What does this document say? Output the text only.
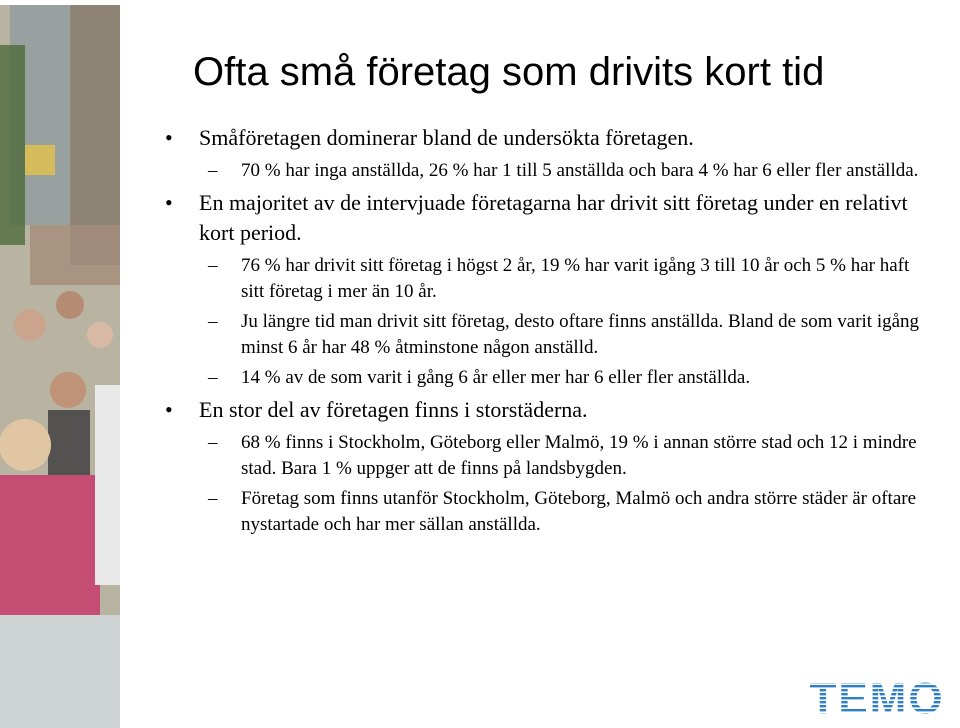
Ofta små företag som drivits kort tid
•	Småföretagen dominerar bland de undersökta företagen.
– 70 % har inga anställda, 26 % har 1 till 5 anställda och bara 4 % har 6 eller fler anställda.
•	En majoritet av de intervjuade företagarna har drivit sitt företag under en relativt kort period.
– 76 % har drivit sitt företag i högst 2 år, 19 % har varit igång 3 till 10 år och 5 % har haft sitt företag i mer än 10 år.
– Ju längre tid man drivit sitt företag, desto oftare finns anställda. Bland de som varit igång minst 6 år har 48 % åtminstone någon anställd.
– 14 % av de som varit i gång 6 år eller mer har 6 eller fler anställda.
•	En stor del av företagen finns i storstäderna.
– 68 % finns i Stockholm, Göteborg eller Malmö, 19 % i annan större stad och 12 i mindre stad. Bara 1 % uppger att de finns på landsbygden.
– Företag som finns utanför Stockholm, Göteborg, Malmö och andra större städer är oftare nystartade och har mer sällan anställda.
TEMO
